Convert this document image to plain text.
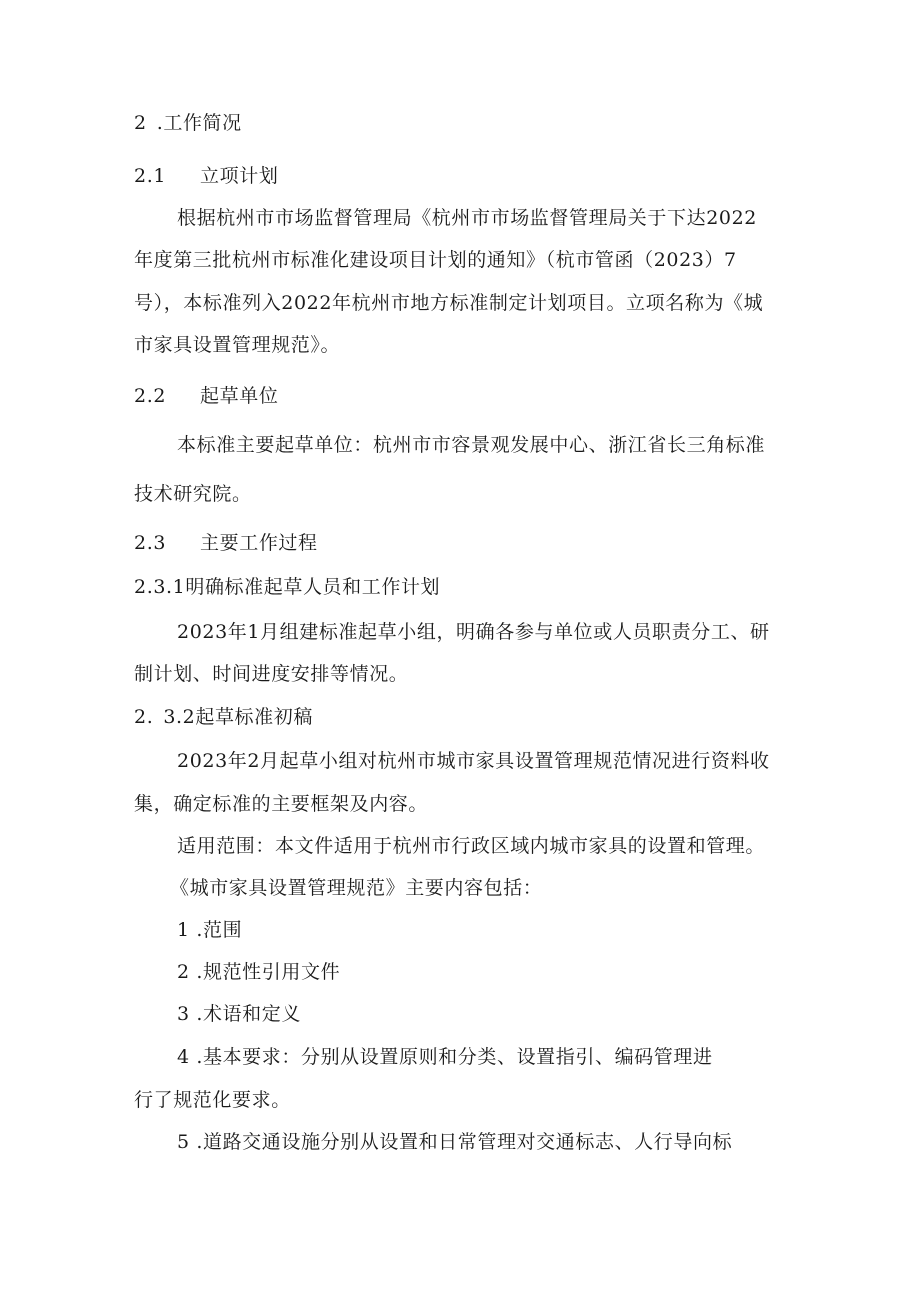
2 .工作简况
2.1 立项计划
根据杭州市市场监督管理局《杭州市市场监督管理局关于下达2022
年度第三批杭州市标准化建设项目计划的通知》（杭市管函（2023）7
号），本标准列入2022年杭州市地方标准制定计划项目。立项名称为《城
市家具设置管理规范》。
2.2 起草单位
本标准主要起草单位：杭州市市容景观发展中心、浙江省长三角标准
技术研究院。
2.3 主要工作过程
2.3.1明确标准起草人员和工作计划
2023年1月组建标准起草小组，明确各参与单位或人员职责分工、研
制计划、时间进度安排等情况。
2. 3.2起草标准初稿
2023年2月起草小组对杭州市城市家具设置管理规范情况进行资料收
集，确定标准的主要框架及内容。
适用范围：本文件适用于杭州市行政区域内城市家具的设置和管理。
《城市家具设置管理规范》主要内容包括：
1 .范围
2 .规范性引用文件
3 .术语和定义
4 .基本要求：分别从设置原则和分类、设置指引、编码管理进
行了规范化要求。
5 .道路交通设施分别从设置和日常管理对交通标志、人行导向标
